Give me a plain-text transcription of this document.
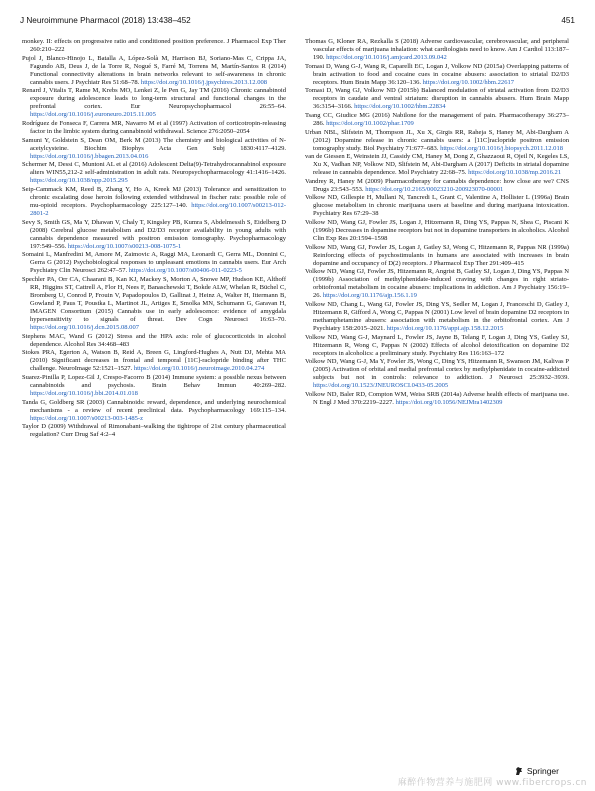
J Neuroimmune Pharmacol (2018) 13:438–452	451

monkey. II: effects on progressive ratio and conditioned position preference. J Pharmacol Exp Ther 260:210–222

Pujol J, Blanco-Hinojo L, Batalla A, López-Solà M, Harrison BJ, Soriano-Mas C, Crippa JA, Fagundo AB, Deus J, de la Torre R, Nogué S, Farré M, Torrens M, Martín-Santos R (2014) Functional connectivity alterations in brain networks relevant to self-awareness in chronic cannabis users. J Psychiatr Res 51:68–78. https://doi.org/10.1016/j.jpsychires.2013.12.008

Renard J, Vitalis T, Rame M, Krebs MO, Lenkei Z, le Pen G, Jay TM (2016) Chronic cannabinoid exposure during adolescence leads to long-term structural and functional changes in the prefrontal cortex. Eur Neuropsychopharmacol 26:55–64. https://doi.org/10.1016/j.euroneuro.2015.11.005

Rodríguez de Fonseca F, Carrera MR, Navarro M et al (1997) Activation of corticotropin-releasing factor in the limbic system during cannabinoid withdrawal. Science 276:2050–2054

Samuni Y, Goldstein S, Dean OM, Berk M (2013) The chemistry and biological activities of N-acetylcysteine. Biochim Biophys Acta Gen Subj 1830:4117–4129. https://doi.org/10.1016/j.bbagen.2013.04.016

Schermer M, Dessi C, Muntoni AL et al (2016) Adolescent Delta(9)-Tetrahydrocannabinol exposure alters WIN55,212-2 self-administration in adult rats. Neuropsychopharmacology 41:1416–1426. https://doi.org/10.1038/npp.2015.295

Seip-Cammack KM, Reed B, Zhang Y, Ho A, Kreek MJ (2013) Tolerance and sensitization to chronic escalating dose heroin following extended withdrawal in fischer rats: possible role of mu-opioid receptors. Psychopharmacology 225:127–140. https://doi.org/10.1007/s00213-012-2801-2

Sevy S, Smith GS, Ma Y, Dhawan V, Chaly T, Kingsley PB, Kumra S, Abdelmessih S, Eidelberg D (2008) Cerebral glucose metabolism and D2/D3 receptor availability in young adults with cannabis dependence measured with positron emission tomography. Psychopharmacology 197:549–556. https://doi.org/10.1007/s00213-008-1075-1

Somaini L, Manfredini M, Amore M, Zaimovic A, Raggi MA, Leonardi C, Gerra ML, Donnini C, Gerra G (2012) Psychobiological responses to unpleasant emotions in cannabis users. Eur Arch Psychiatry Clin Neurosci 262:47–57. https://doi.org/10.1007/s00406-011-0223-5

Spechler PA, Orr CA, Chaarani B, Kan KJ, Mackey S, Morton A, Snowe MP, Hudson KE, Althoff RR, Higgins ST, Cattrell A, Flor H, Nees F, Banaschewski T, Bokde ALW, Whelan R, Büchel C, Bromberg U, Conrod P, Frouin V, Papadopoulos D, Gallinat J, Heinz A, Walter H, Ittermann B, Gowland P, Paus T, Poustka L, Martinot JL, Artiges E, Smolka MN, Schumann G, Garavan H, IMAGEN Consortium (2015) Cannabis use in early adolescence: evidence of amygdala hypersensitivity to signals of threat. Dev Cogn Neurosci 16:63–70. https://doi.org/10.1016/j.dcn.2015.08.007

Stephens MAC, Wand G (2012) Stress and the HPA axis: role of glucocorticoids in alcohol dependence. Alcohol Res 34:468–483

Stokes PRA, Egerton A, Watson B, Reid A, Breen G, Lingford-Hughes A, Nutt DJ, Mehta MA (2010) Significant decreases in frontal and temporal [11C]-raclopride binding after THC challenge. NeuroImage 52:1521–1527. https://doi.org/10.1016/j.neuroimage.2010.04.274

Suarez-Pinilla P, Lopez-Gil J, Crespo-Facorro B (2014) Immune system: a possible nexus between cannabinoids and psychosis. Brain Behav Immun 40:269–282. https://doi.org/10.1016/j.bbi.2014.01.018

Tanda G, Goldberg SR (2003) Cannabinoids: reward, dependence, and underlying neurochemical mechanisms - a review of recent preclinical data. Psychopharmacology 169:115–134. https://doi.org/10.1007/s00213-003-1485-z

Taylor D (2009) Withdrawal of Rimonabant–walking the tightrope of 21st century pharmaceutical regulation? Curr Drug Saf 4:2–4

Thomas G, Kloner RA, Rezkalla S (2018) Adverse cardiovascular, cerebrovascular, and peripheral vascular effects of marijuana inhalation: what cardiologists need to know. Am J Cardiol 113:187–190. https://doi.org/10.1016/j.amjcard.2013.09.042

Tomasi D, Wang G-J, Wang R, Caparelli EC, Logan J, Volkow ND (2015a) Overlapping patterns of brain activation to food and cocaine cues in cocaine abusers: association to striatal D2/D3 receptors. Hum Brain Mapp 36:120–136. https://doi.org/10.1002/hbm.22617

Tomasi D, Wang GJ, Volkow ND (2015b) Balanced modulation of striatal activation from D2/D3 receptors in caudate and ventral striatum: disruption in cannabis abusers. Hum Brain Mapp 36:3154–3166. https://doi.org/10.1002/hbm.22834

Tsang CC, Giudice MG (2016) Nabilone for the management of pain. Pharmacotherapy 36:273–286. https://doi.org/10.1002/phar.1709

Urban NBL, Slifstein M, Thompson JL, Xu X, Girgis RR, Raheja S, Haney M, Abi-Dargham A (2012) Dopamine release in chronic cannabis users: a [11C]raclopride positron emission tomography study. Biol Psychiatry 71:677–683. https://doi.org/10.1016/j.biopsych.2011.12.018

van de Giessen E, Weinstein JJ, Cassidy CM, Haney M, Dong Z, Ghazzaoui R, Ojeil N, Kegeles LS, Xu X, Vadhan NP, Volkow ND, Slifstein M, Abi-Dargham A (2017) Deficits in striatal dopamine release in cannabis dependence. Mol Psychiatry 22:68–75. https://doi.org/10.1038/mp.2016.21

Vandrey R, Haney M (2009) Pharmacotherapy for cannabis dependence: how close are we? CNS Drugs 23:543–553. https://doi.org/10.2165/00023210-200923070-00001

Volkow ND, Gillespie H, Mullani N, Tancredi L, Grant C, Valentine A, Hollister L (1996a) Brain glucose metabolism in chronic marijuana users at baseline and during marijuana intoxication. Psychiatry Res 67:29–38

Volkow ND, Wang GJ, Fowler JS, Logan J, Hitzemann R, Ding YS, Pappas N, Shea C, Piscani K (1996b) Decreases in dopamine receptors but not in dopamine transporters in alcoholics. Alcohol Clin Exp Res 20:1594–1598

Volkow ND, Wang GJ, Fowler JS, Logan J, Gatley SJ, Wong C, Hitzemann R, Pappas NR (1999a) Reinforcing effects of psychostimulants in humans are associated with increases in brain dopamine and occupancy of D(2) receptors. J Pharmacol Exp Ther 291:409–415

Volkow ND, Wang GJ, Fowler JS, Hitzemann R, Angrist B, Gatley SJ, Logan J, Ding YS, Pappas N (1999b) Association of methylphenidate-induced craving with changes in right striato-orbitofrontal metabolism in cocaine abusers: implications in addiction. Am J Psychiatry 156:19–26. https://doi.org/10.1176/ajp.156.1.19

Volkow ND, Chang L, Wang GJ, Fowler JS, Ding YS, Sedler M, Logan J, Franceschi D, Gatley J, Hitzemann R, Gifford A, Wong C, Pappas N (2001) Low level of brain dopamine D2 receptors in methamphetamine abusers: association with metabolism in the orbitofrontal cortex. Am J Psychiatry 158:2015–2021. https://doi.org/10.1176/appi.ajp.158.12.2015

Volkow ND, Wang G-J, Maynard L, Fowler JS, Jayne B, Telang F, Logan J, Ding YS, Gatley SJ, Hitzemann R, Wong C, Pappas N (2002) Effects of alcohol detoxification on dopamine D2 receptors in alcoholics: a preliminary study. Psychiatry Res 116:163–172

Volkow ND, Wang G-J, Ma Y, Fowler JS, Wong C, Ding YS, Hitzemann R, Swanson JM, Kalivas P (2005) Activation of orbital and medial prefrontal cortex by methylphenidate in cocaine-addicted subjects but not in controls: relevance to addiction. J Neurosci 25:3932–3939. https://doi.org/10.1523/JNEUROSCI.0433-05.2005

Volkow ND, Baler RD, Compton WM, Weiss SRB (2014a) Adverse health effects of marijuana use. N Engl J Med 370:2219–2227. https://doi.org/10.1056/NEJMra1402309

Springer
麻醉作物营养与施肥网 www.fibercrops.cn
